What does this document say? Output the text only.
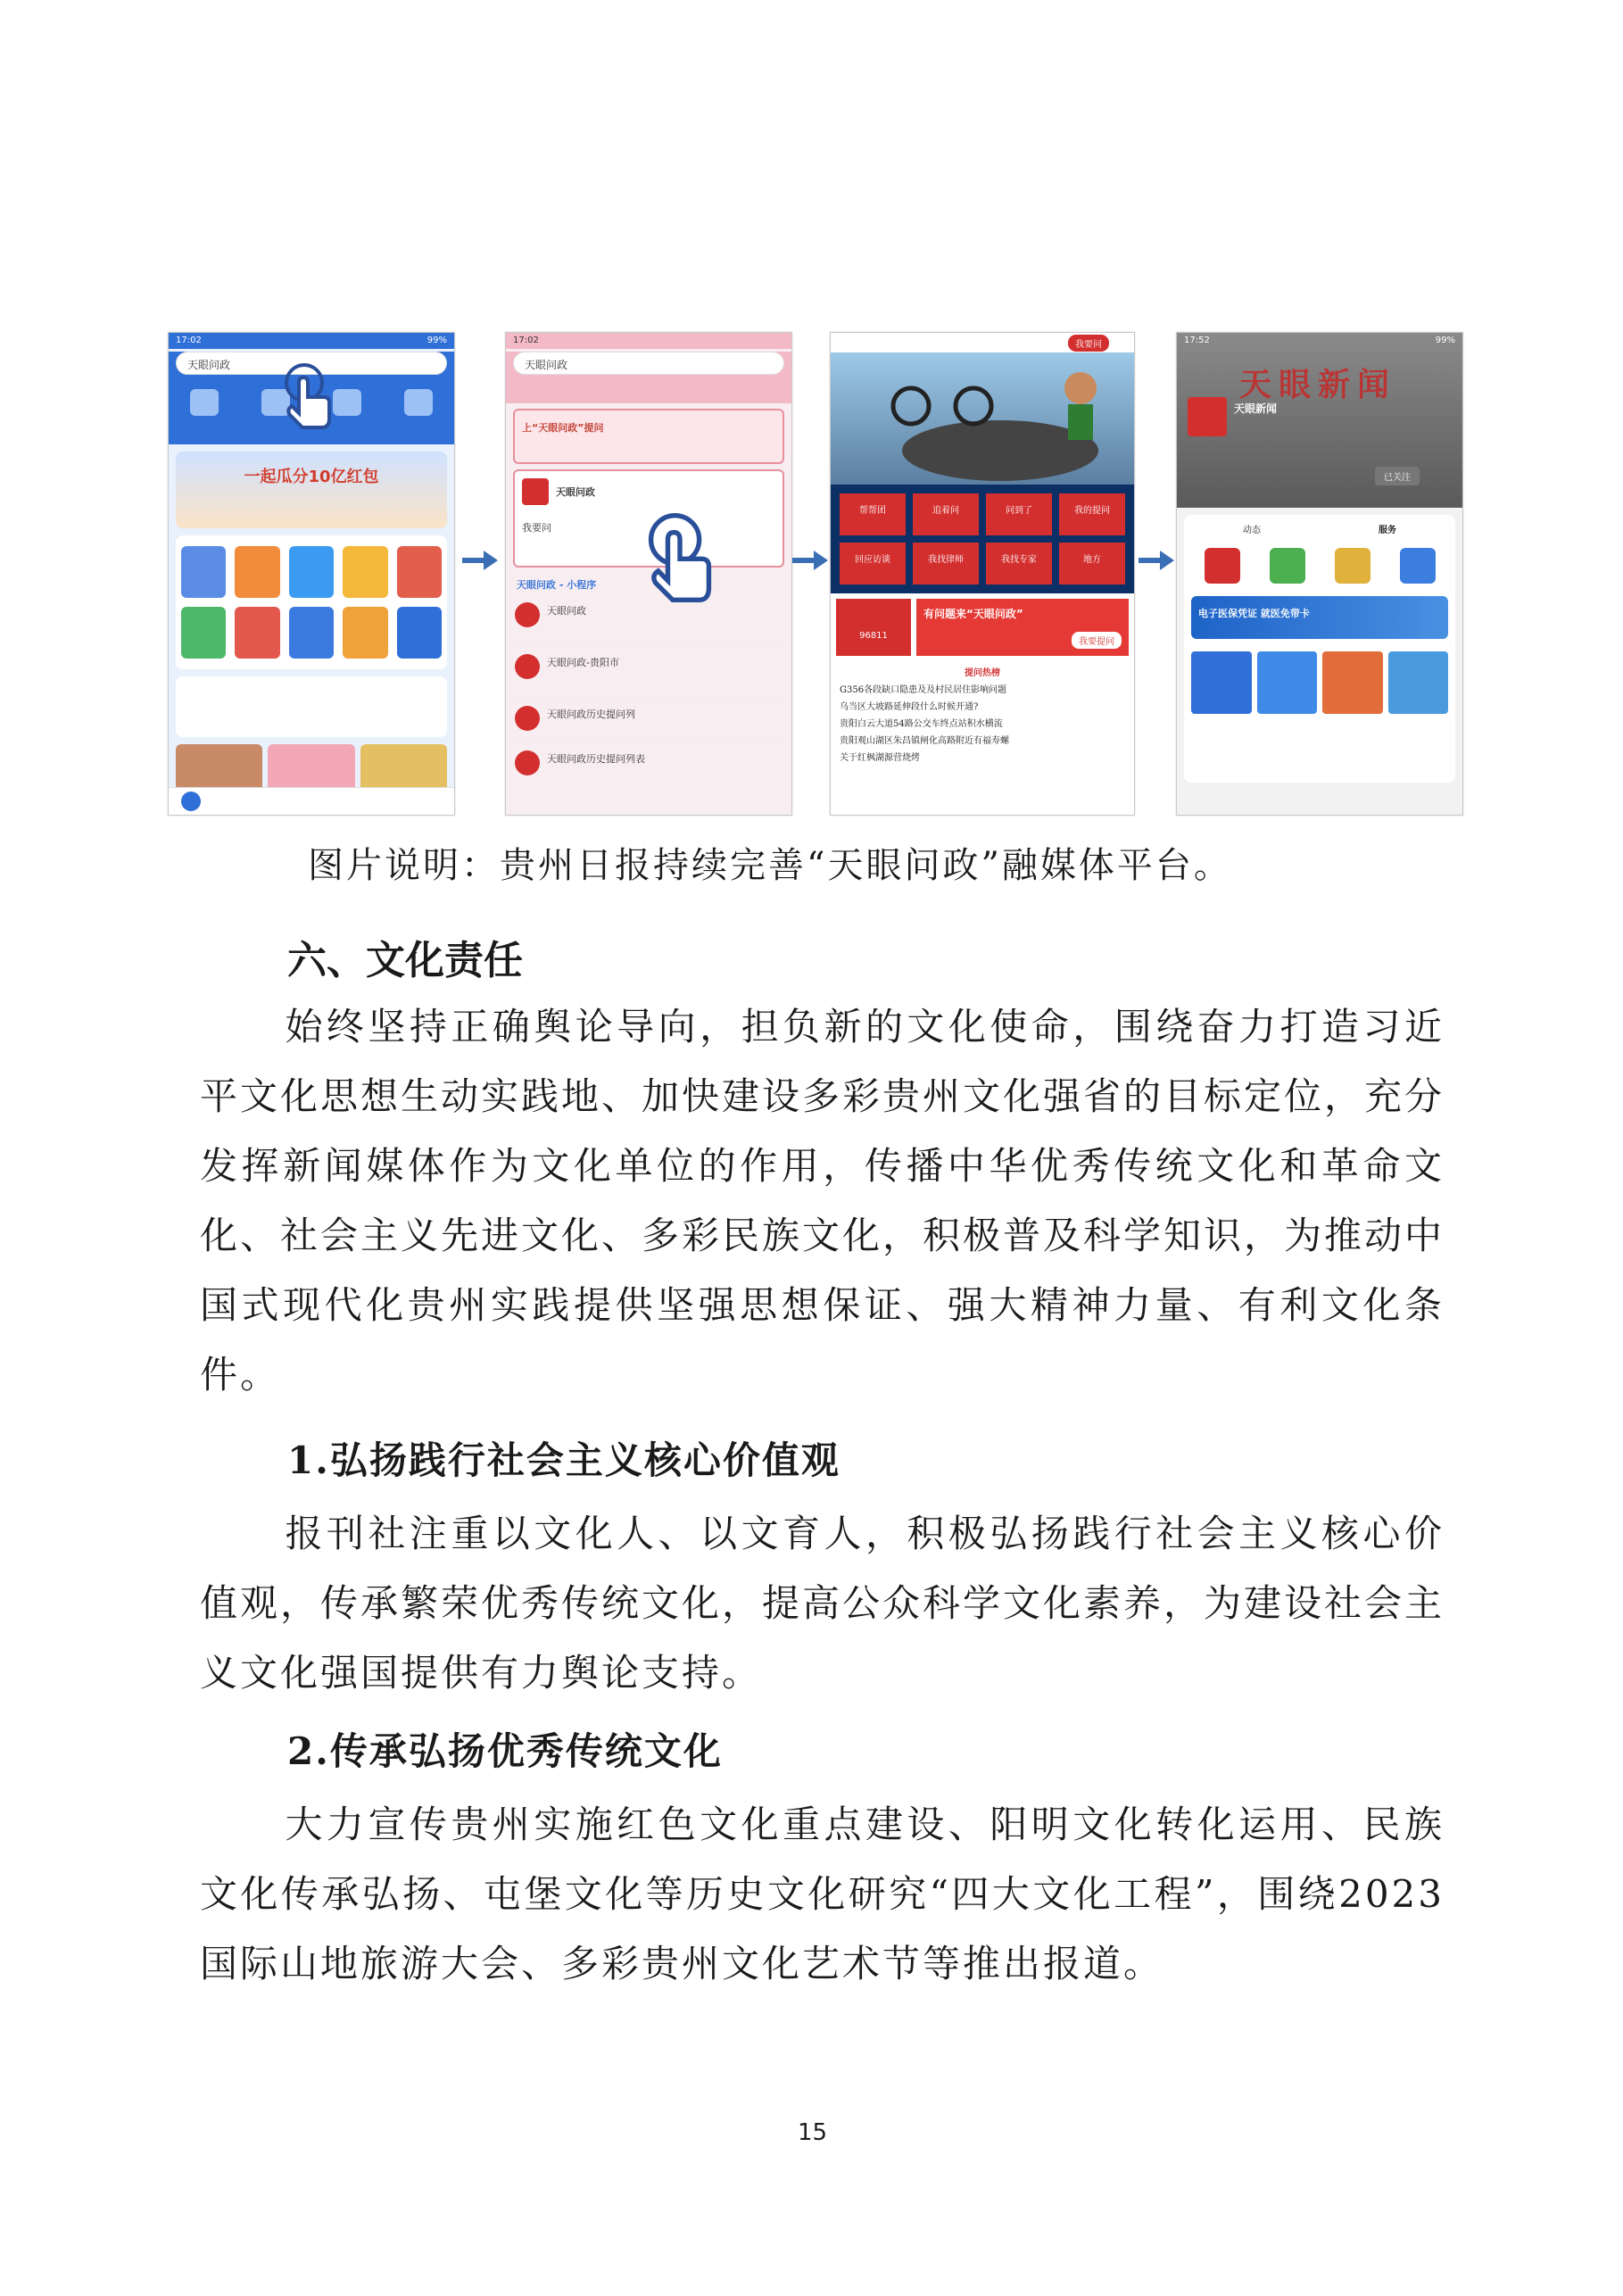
17:02	99%
天眼问政
一起瓜分10亿红包
17:02
天眼问政
上“天眼问政”提问
天眼问政
我要问
天眼问政 - 小程序
天眼问政
天眼问政-贵阳市
天眼问政历史提问列
天眼问政历史提问列表
我要问
帮帮团	追着问	问到了	我的提问
回应访谈	我找律师	我找专家	地方
96811
有问题来“天眼问政”
我要提问
提问热榜
G356各段缺口隐患及及村民居住影响问题
乌当区大坡路延伸段什么时候开通?
贵阳白云大道54路公交车终点站积水横流
贵阳观山湖区朱昌镇闸化高路附近有福寿螺
关于红枫湖源营烧烤
17:52	99%
天眼新闻
天眼新闻
已关注
动态	服务
电子医保凭证 就医免带卡
图片说明：贵州日报持续完善“天眼问政”融媒体平台。
六、文化责任

始终坚持正确舆论导向，担负新的文化使命，围绕奋力打造习近平文化思想生动实践地、加快建设多彩贵州文化强省的目标定位，充分发挥新闻媒体作为文化单位的作用，传播中华优秀传统文化和革命文化、社会主义先进文化、多彩民族文化，积极普及科学知识，为推动中国式现代化贵州实践提供坚强思想保证、强大精神力量、有利文化条件。

1.弘扬践行社会主义核心价值观

报刊社注重以文化人、以文育人，积极弘扬践行社会主义核心价值观，传承繁荣优秀传统文化，提高公众科学文化素养，为建设社会主义文化强国提供有力舆论支持。

2.传承弘扬优秀传统文化

大力宣传贵州实施红色文化重点建设、阳明文化转化运用、民族文化传承弘扬、屯堡文化等历史文化研究“四大文化工程”，围绕2023国际山地旅游大会、多彩贵州文化艺术节等推出报道。

15
